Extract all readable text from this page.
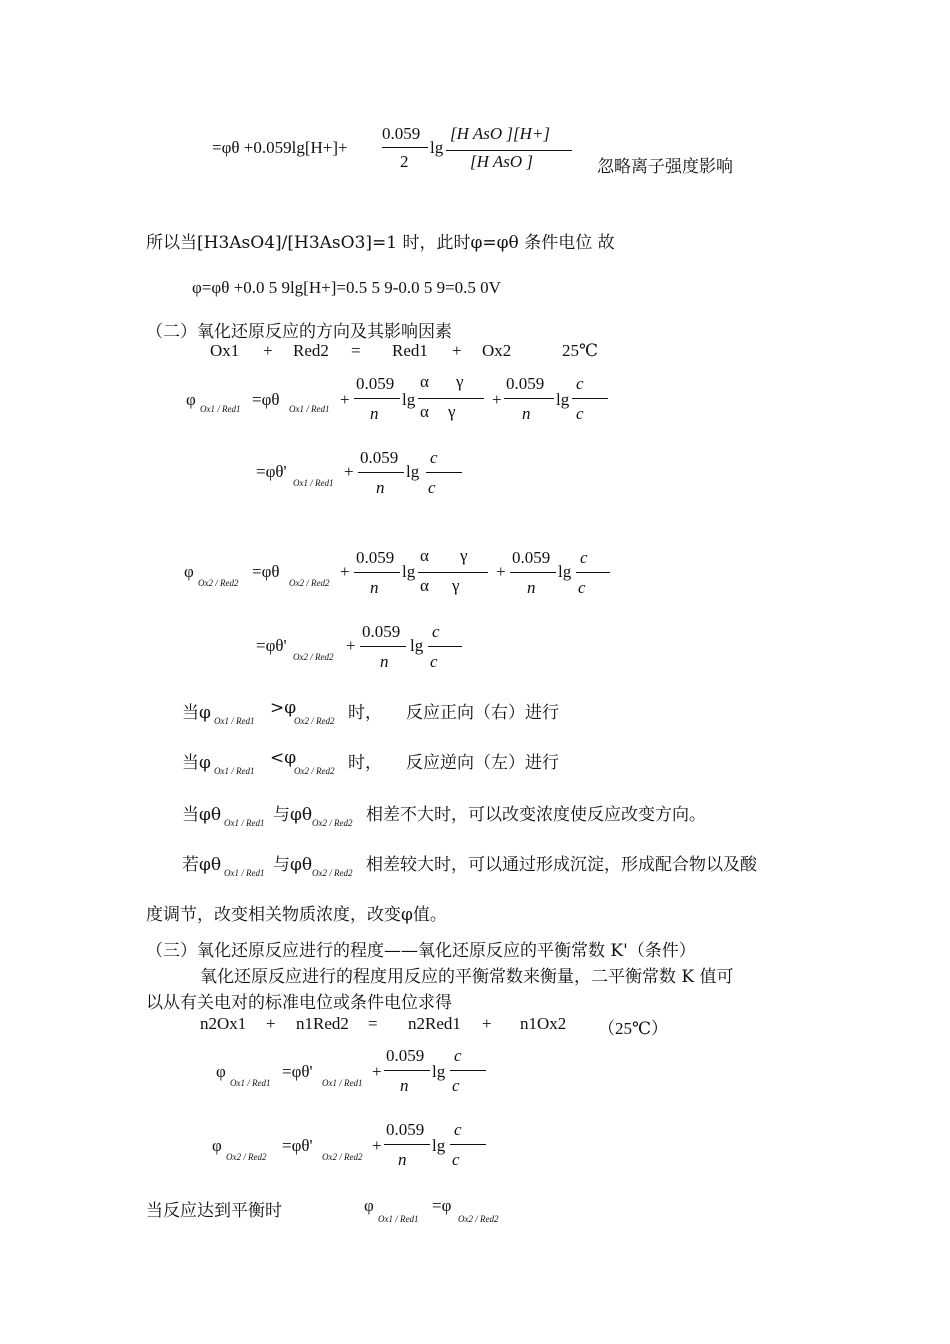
=φθ +0.059lg[H+]+
0.059
2
lg
[H AsO ][H+]
[H AsO ]	忽略离子强度影响
所以当[H3AsO4]/[H3AsO3]=1 时，此时φ=φθ 条件电位 故
φ=φθ +0.0 5 9lg[H+]=0.5 5 9-0.0 5 9=0.5 0V
（二）氧化还原反应的方向及其影响因素
Ox1 + Red2 = Red1 + Ox2	25℃
φ Ox1 / Red1 =φθ Ox1 / Red1 +
0.059
n
lg
α γ
α γ
+
0.059
n
lg
c
c
=φθ'
Ox1 / Red1
+
0.059
n
lg
c
c
φ
Ox2 / Red2
=φθ
Ox2 / Red2
+
0.059
n
lg
α γ
α γ
+
0.059
n
lg
c
c
=φθ'
Ox2 / Red2
+
0.059
n
lg
c
c
当φ Ox1 / Red1
>φ
Ox2 / Red2 时， 反应正向（右）进行
当φ Ox1 / Red1
<φ
Ox2 / Red2 时， 反应逆向（左）进行
当φθ Ox1 / Red1 与φθ Ox2 / Red2 相差不大时，可以改变浓度使反应改变方向。
若φθ Ox1 / Red1 与φθ Ox2 / Red2 相差较大时，可以通过形成沉淀，形成配合物以及酸
度调节，改变相关物质浓度，改变φ值。
（三）氧化还原反应进行的程度——氧化还原反应的平衡常数 K'（条件）
氧化还原反应进行的程度用反应的平衡常数来衡量，二平衡常数 K 值可
以从有关电对的标准电位或条件电位求得
n2Ox1 + n1Red2 = n2Red1 + n1Ox2 （25℃）
φ
Ox1 / Red1
=φθ'
Ox1 / Red1
+
0.059
n
lg
c
c
φ
Ox2 / Red2
=φθ'
Ox2 / Red2
+
0.059
n
lg
c
c
当反应达到平衡时	φ
Ox1 / Red1
=φ
Ox2 / Red2
